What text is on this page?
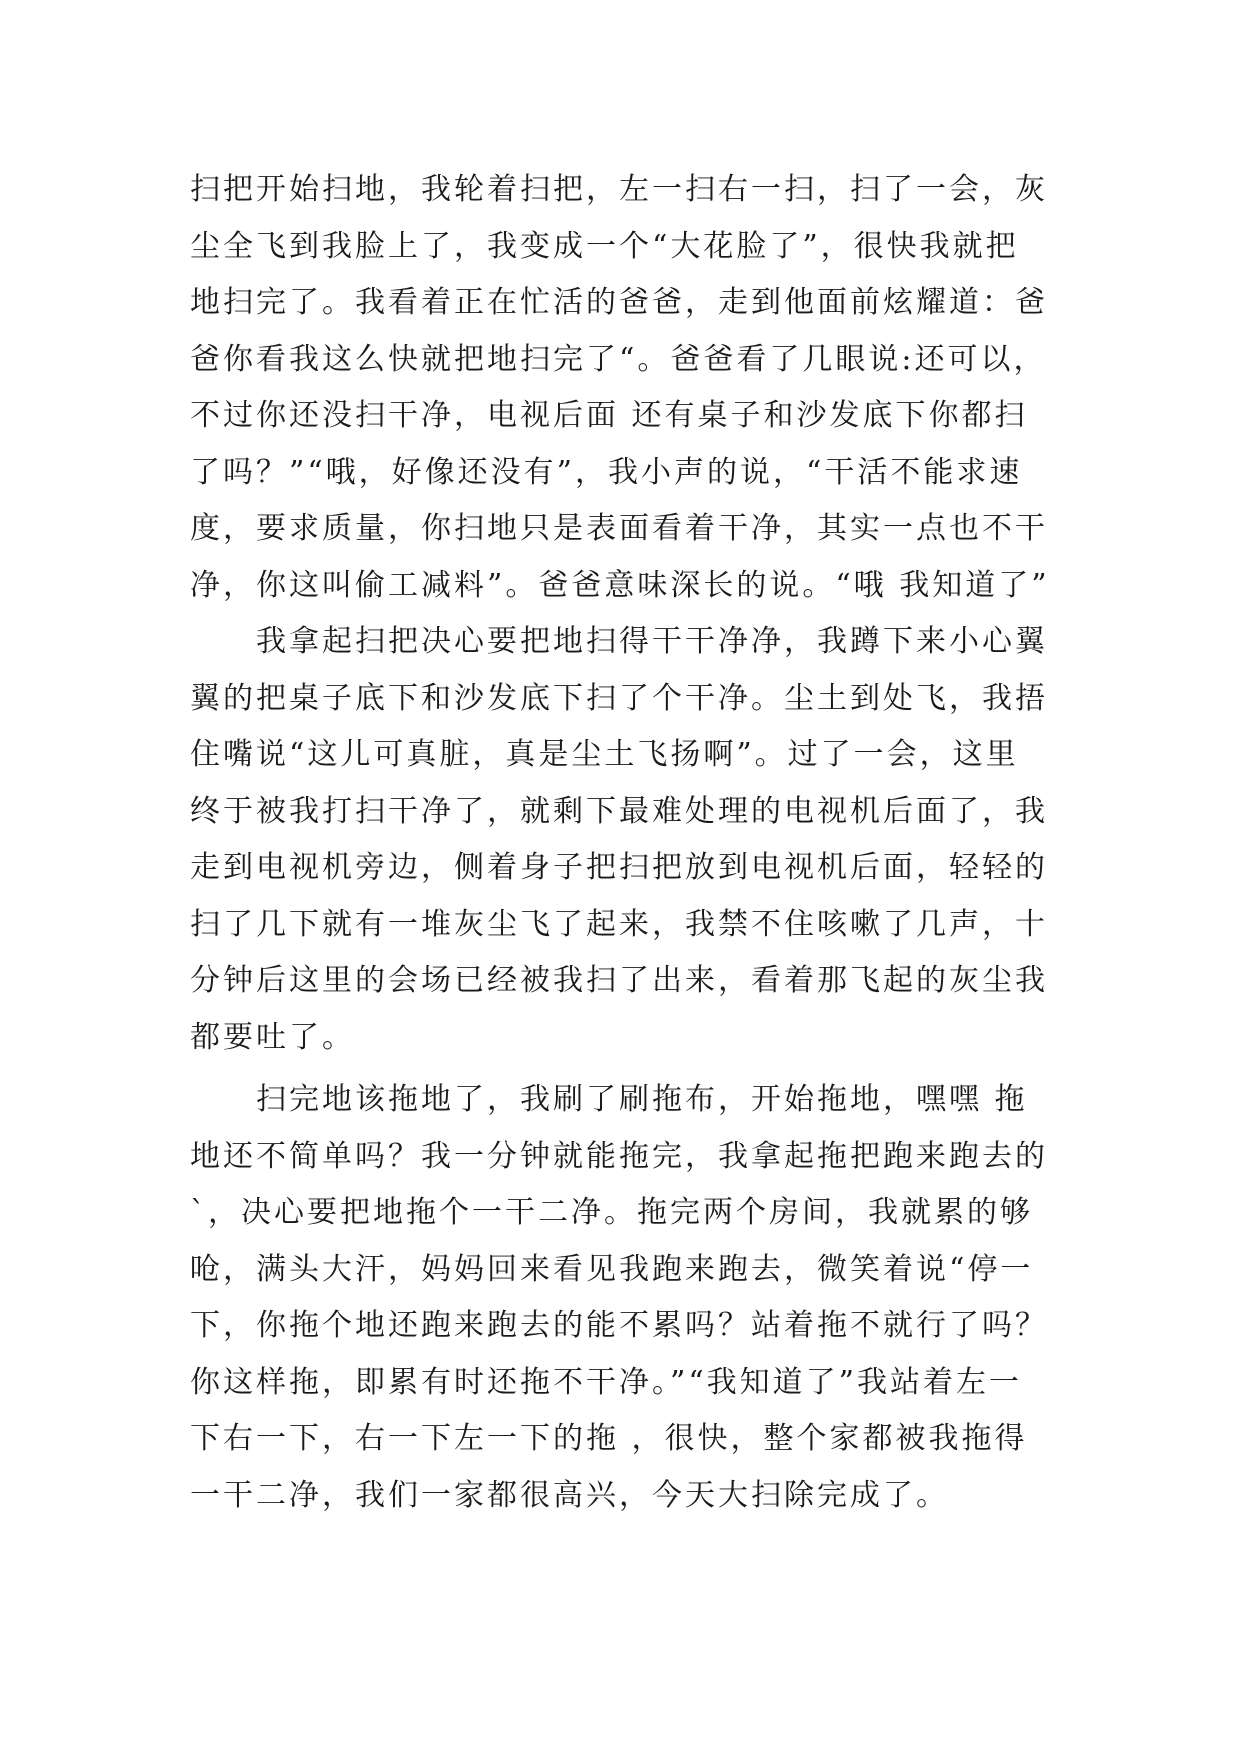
扫把开始扫地，我轮着扫把，左一扫右一扫，扫了一会，灰
尘全飞到我脸上了，我变成一个“大花脸了”，很快我就把
地扫完了。我看着正在忙活的爸爸，走到他面前炫耀道：爸
爸你看我这么快就把地扫完了“。爸爸看了几眼说:还可以，
不过你还没扫干净，电视后面 还有桌子和沙发底下你都扫
了吗？”“哦，好像还没有”，我小声的说，“干活不能求速
度，要求质量，你扫地只是表面看着干净，其实一点也不干
净，你这叫偷工减料”。爸爸意味深长的说。“哦 我知道了”
　　我拿起扫把决心要把地扫得干干净净，我蹲下来小心翼
翼的把桌子底下和沙发底下扫了个干净。尘土到处飞，我捂
住嘴说“这儿可真脏，真是尘土飞扬啊”。过了一会，这里
终于被我打扫干净了，就剩下最难处理的电视机后面了，我
走到电视机旁边，侧着身子把扫把放到电视机后面，轻轻的
扫了几下就有一堆灰尘飞了起来，我禁不住咳嗽了几声，十
分钟后这里的会场已经被我扫了出来，看着那飞起的灰尘我
都要吐了。
　　扫完地该拖地了，我刷了刷拖布，开始拖地，嘿嘿 拖
地还不简单吗？我一分钟就能拖完，我拿起拖把跑来跑去的
`，决心要把地拖个一干二净。拖完两个房间，我就累的够
呛，满头大汗，妈妈回来看见我跑来跑去，微笑着说“停一
下，你拖个地还跑来跑去的能不累吗？站着拖不就行了吗？
你这样拖，即累有时还拖不干净。”“我知道了”我站着左一
下右一下，右一下左一下的拖 ，很快，整个家都被我拖得
一干二净，我们一家都很高兴，今天大扫除完成了。
